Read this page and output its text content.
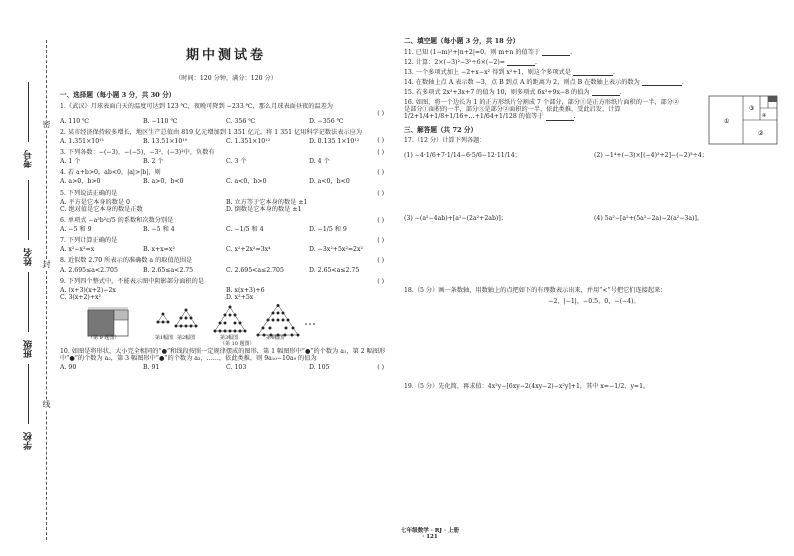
密
封
线
考号
姓名
班级
学校
期中测试卷
（时间：120 分钟，满分：120 分）
一、选择题（每小题 3 分，共 30 分）
1.《武汉》月球表面白天的温度可达到 123 ℃，夜晚可降到 −233 ℃，那么月球表面昼夜的温差为
( )
A. 110 ℃	B. −110 ℃	C. 356 ℃	D. −356 ℃
2. 某市经济保持较多增长，地区生产总值由 819 亿元增加到 1 351 亿元，将 1 351 亿用科学记数法表示应为
( )
A. 1.351×10¹¹	B. 13.51×10¹⁰	C. 1.351×10¹²	D. 0.135 1×10¹²
3. 下列各数：−(−3)，−(−5)，−3²，(−3)²中，负数有	( )
A. 1 个	B. 2 个	C. 3 个	D. 4 个
4. 若 a+b>0，ab<0，|a|>|b|，则	( )
A. a>0，b>0	B. a>0，b<0	C. a<0，b>0	D. a<0，b<0
5. 下列说法正确的是	( )
A. 平方是它本身的数是 0	B. 立方等于它本身的数是 ±1
C. 绝对值是它本身的数是正数	D. 倒数是它本身的数是 ±1
6. 单项式 −a²b²c/5 的系数和次数分别是	( )
A. −5 和 9	B. −5 和 4	C. −1/5 和 4	D. −1/5 和 9
7. 下列计算正确的是	( )
A. x²−x²=x	B. x+x=x²	C. x²+2x²=3x⁴	D. −3x²+5x²=2x²
8. 近似数 2.70 所表示的准确数 a 的取值范围是	( )
A. 2.695≤a<2.705	B. 2.65≤a<2.75	C. 2.695<a≤2.705	D. 2.65<a≤2.75
9. 下列四个整式中，不能表示图中阴影部分面积的是	( )
A. (x+3)(x+2)−2x	B. x(x+3)+6
C. 3(x+2)+x²	D. x²+5x
（第 9 题图）	第1幅图 第2幅图	第3幅图	第4幅图
（第 10 题图）
10. 如图是将形状、大小完全相同的“●”和线段按照一定规律摆成的图形，第 1 幅图形中“●”的个数为 a₁，第 2 幅图形中“●”的个数为 a₂，第 3 幅图形中“●”的个数为 a₃，……，依此类推，则 9a₁₀−10a₉ 的值为
( )
A. 90	B. 91	C. 103	D. 105
二、填空题（每小题 3 分，共 18 分）
11. 已知 (1−m)²+|n+2|=0，则 m+n 的值等于	.
12. 计算：2×(−3)²−3²÷6×(−2)=	.
13. 一个多项式加上 −2+x−x² 得到 x²+1，则这个多项式是	.
14. 在数轴上点 A 表示数 −3，点 B 到点 A 的距离为 2，则点 B 在数轴上表示的数为	.
15. 若多项式 2x²+3x+7 的值为 10，则多项式 6x²+9x−8 的值为	.
16. 如图，将一个边长为 1 的正方形纸片分割成 7 个部分，部分①是正方形纸片面积的一半，部分②是部分①面积的一半，部分③是部分②面积的一半，依此类推，受此启发，计算 1/2+1/4+1/8+1/16+…+1/64+1/128 的值等于	.
①
②
③
④
三、解答题（共 72 分）
17.（12 分）计算下列各题：
(1) −4·1/6+7·1/14−6·5/6−12·11/14；	(2) −1⁴+(−3)×[(−4)²+2]−(−2)³÷4；
(3) −(a²−4ab)+[a²−(2a²+2ab)]；	(4) 5a²−[a²+(5a²−2a)−2(a²−3a)]。
18.（5 分）画一条数轴，用数轴上的点把如下的有理数表示出来，并用“<”号把它们连接起来：
−2，|−1|，−0.5，0，−(−4)。
19.（5 分）先化简，再求值：4x²y−[6xy−2(4xy−2)−x²y]+1，其中 x=−1/2，y=1。
七年级数学 · RJ · 上册 · 121
